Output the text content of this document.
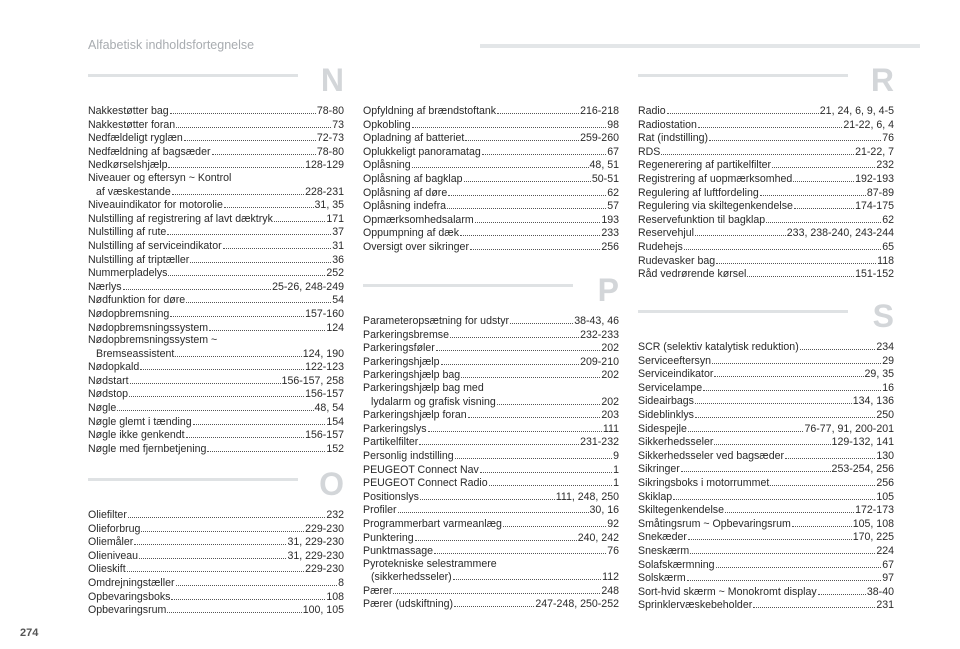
Alfabetisk indholdsfortegnelse
N
Nakkestøtter bag	78-80
Nakkestøtter foran	73
Nedfældeligt ryglæn	72-73
Nedfældning af bagsæder	78-80
Nedkørselshjælp	128-129
Niveauer og eftersyn ~ Kontrol
af væskestande	228-231
Niveauindikator for motorolie	31, 35
Nulstilling af registrering af lavt dæktryk	171
Nulstilling af rute	37
Nulstilling af serviceindikator	31
Nulstilling af triptæller	36
Nummerpladelys	252
Nærlys	25-26, 248-249
Nødfunktion for døre	54
Nødopbremsning	157-160
Nødopbremsningssystem	124
Nødopbremsningssystem ~
Bremseassistent	124, 190
Nødopkald	122-123
Nødstart	156-157, 258
Nødstop	156-157
Nøgle	48, 54
Nøgle glemt i tænding	154
Nøgle ikke genkendt	156-157
Nøgle med fjernbetjening	152
O
Oliefilter	232
Olieforbrug	229-230
Oliemåler	31, 229-230
Olieniveau	31, 229-230
Olieskift	229-230
Omdrejningstæller	8
Opbevaringsboks	108
Opbevaringsrum	100, 105
Opfyldning af brændstoftank	216-218
Opkobling	98
Opladning af batteriet	259-260
Oplukkeligt panoramatag	67
Oplåsning	48, 51
Oplåsning af bagklap	50-51
Oplåsning af døre	62
Oplåsning indefra	57
Opmærksomhedsalarm	193
Oppumpning af dæk	233
Oversigt over sikringer	256
P
Parameteropsætning for udstyr	38-43, 46
Parkeringsbremse	232-233
Parkeringsføler	202
Parkeringshjælp	209-210
Parkeringshjælp bag	202
Parkeringshjælp bag med
lydalarm og grafisk visning	202
Parkeringshjælp foran	203
Parkeringslys	111
Partikelfilter	231-232
Personlig indstilling	9
PEUGEOT Connect Nav	1
PEUGEOT Connect Radio	1
Positionslys	111, 248, 250
Profiler	30, 16
Programmerbart varmeanlæg	92
Punktering	240, 242
Punktmassage	76
Pyrotekniske selestrammere
(sikkerhedsseler)	112
Pærer	248
Pærer (udskiftning)	247-248, 250-252
R
Radio	21, 24, 6, 9, 4-5
Radiostation	21-22, 6, 4
Rat (indstilling)	76
RDS	21-22, 7
Regenerering af partikelfilter	232
Registrering af uopmærksomhed	192-193
Regulering af luftfordeling	87-89
Regulering via skiltegenkendelse	174-175
Reservefunktion til bagklap	62
Reservehjul	233, 238-240, 243-244
Rudehejs	65
Rudevasker bag	118
Råd vedrørende kørsel	151-152
S
SCR (selektiv katalytisk reduktion)	234
Serviceeftersyn	29
Serviceindikator	29, 35
Servicelampe	16
Sideairbags	134, 136
Sideblinklys	250
Sidespejle	76-77, 91, 200-201
Sikkerhedsseler	129-132, 141
Sikkerhedsseler ved bagsæder	130
Sikringer	253-254, 256
Sikringsboks i motorrummet	256
Skiklap	105
Skiltegenkendelse	172-173
Småtingsrum ~ Opbevaringsrum	105, 108
Snekæder	170, 225
Sneskærm	224
Solafskærmning	67
Solskærm	97
Sort-hvid skærm ~ Monokromt display	38-40
Sprinklervæskebeholder	231
274
